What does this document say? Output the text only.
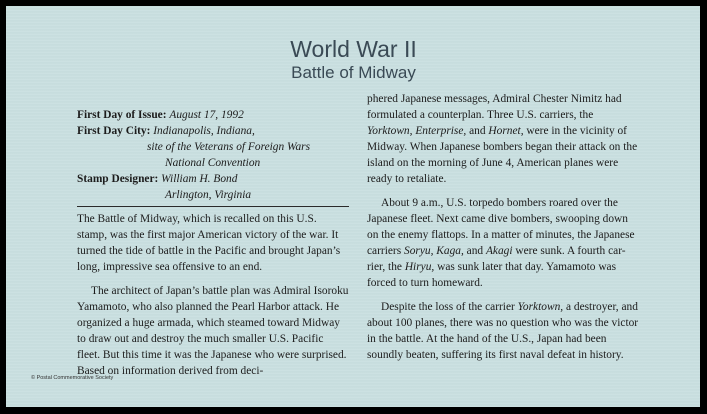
World War II
Battle of Midway
First Day of Issue: August 17, 1992
First Day City: Indianapolis, Indiana,
site of the Veterans of Foreign Wars
National Convention
Stamp Designer: William H. Bond
Arlington, Virginia

The Battle of Midway, which is recalled on this U.S. stamp, was the first major American victory of the war. It turned the tide of battle in the Pacific and brought Japan’s long, impressive sea offensive to an end.

The architect of Japan’s battle plan was Admiral Isoroku Yamamoto, who also planned the Pearl Harbor attack. He organized a huge armada, which steamed toward Midway to draw out and destroy the much smaller U.S. Pacific fleet. But this time it was the Japanese who were surprised. Based on information derived from deci-

phered Japanese messages, Admiral Chester Nimitz had formulated a counterplan. Three U.S. carriers, the Yorktown, Enterprise, and Hornet, were in the vicinity of Midway. When Japanese bombers began their attack on the island on the morning of June 4, American planes were ready to retaliate.

About 9 a.m., U.S. torpedo bombers roared over the Japanese fleet. Next came dive bombers, swooping down on the enemy flattops. In a matter of minutes, the Japanese carriers Soryu, Kaga, and Akagi were sunk. A fourth car-rier, the Hiryu, was sunk later that day. Yamamoto was forced to turn homeward.

Despite the loss of the carrier Yorktown, a destroyer, and about 100 planes, there was no question who was the victor in the battle. At the hand of the U.S., Japan had been soundly beaten, suffering its first naval defeat in history.

© Postal Commemorative Society
